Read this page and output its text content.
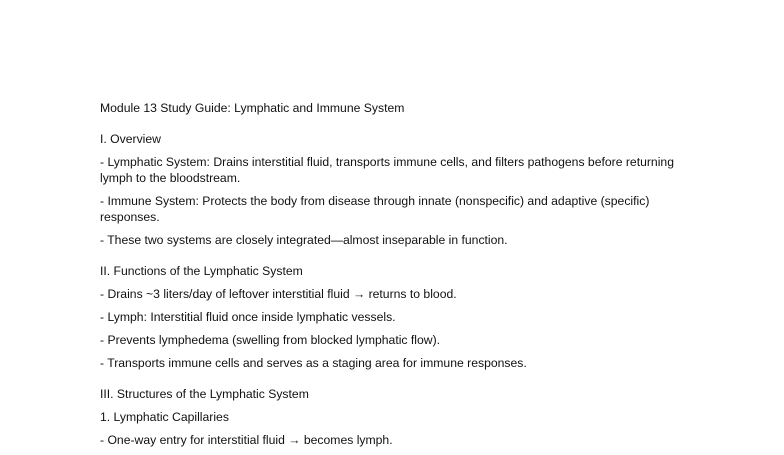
Module 13 Study Guide: Lymphatic and Immune System

I. Overview

- Lymphatic System: Drains interstitial fluid, transports immune cells, and filters pathogens before returning lymph to the bloodstream.

- Immune System: Protects the body from disease through innate (nonspecific) and adaptive (specific) responses.

- These two systems are closely integrated—almost inseparable in function.

II. Functions of the Lymphatic System

- Drains ~3 liters/day of leftover interstitial fluid → returns to blood.

- Lymph: Interstitial fluid once inside lymphatic vessels.

- Prevents lymphedema (swelling from blocked lymphatic flow).

- Transports immune cells and serves as a staging area for immune responses.

III. Structures of the Lymphatic System

1. Lymphatic Capillaries

- One-way entry for interstitial fluid → becomes lymph.
